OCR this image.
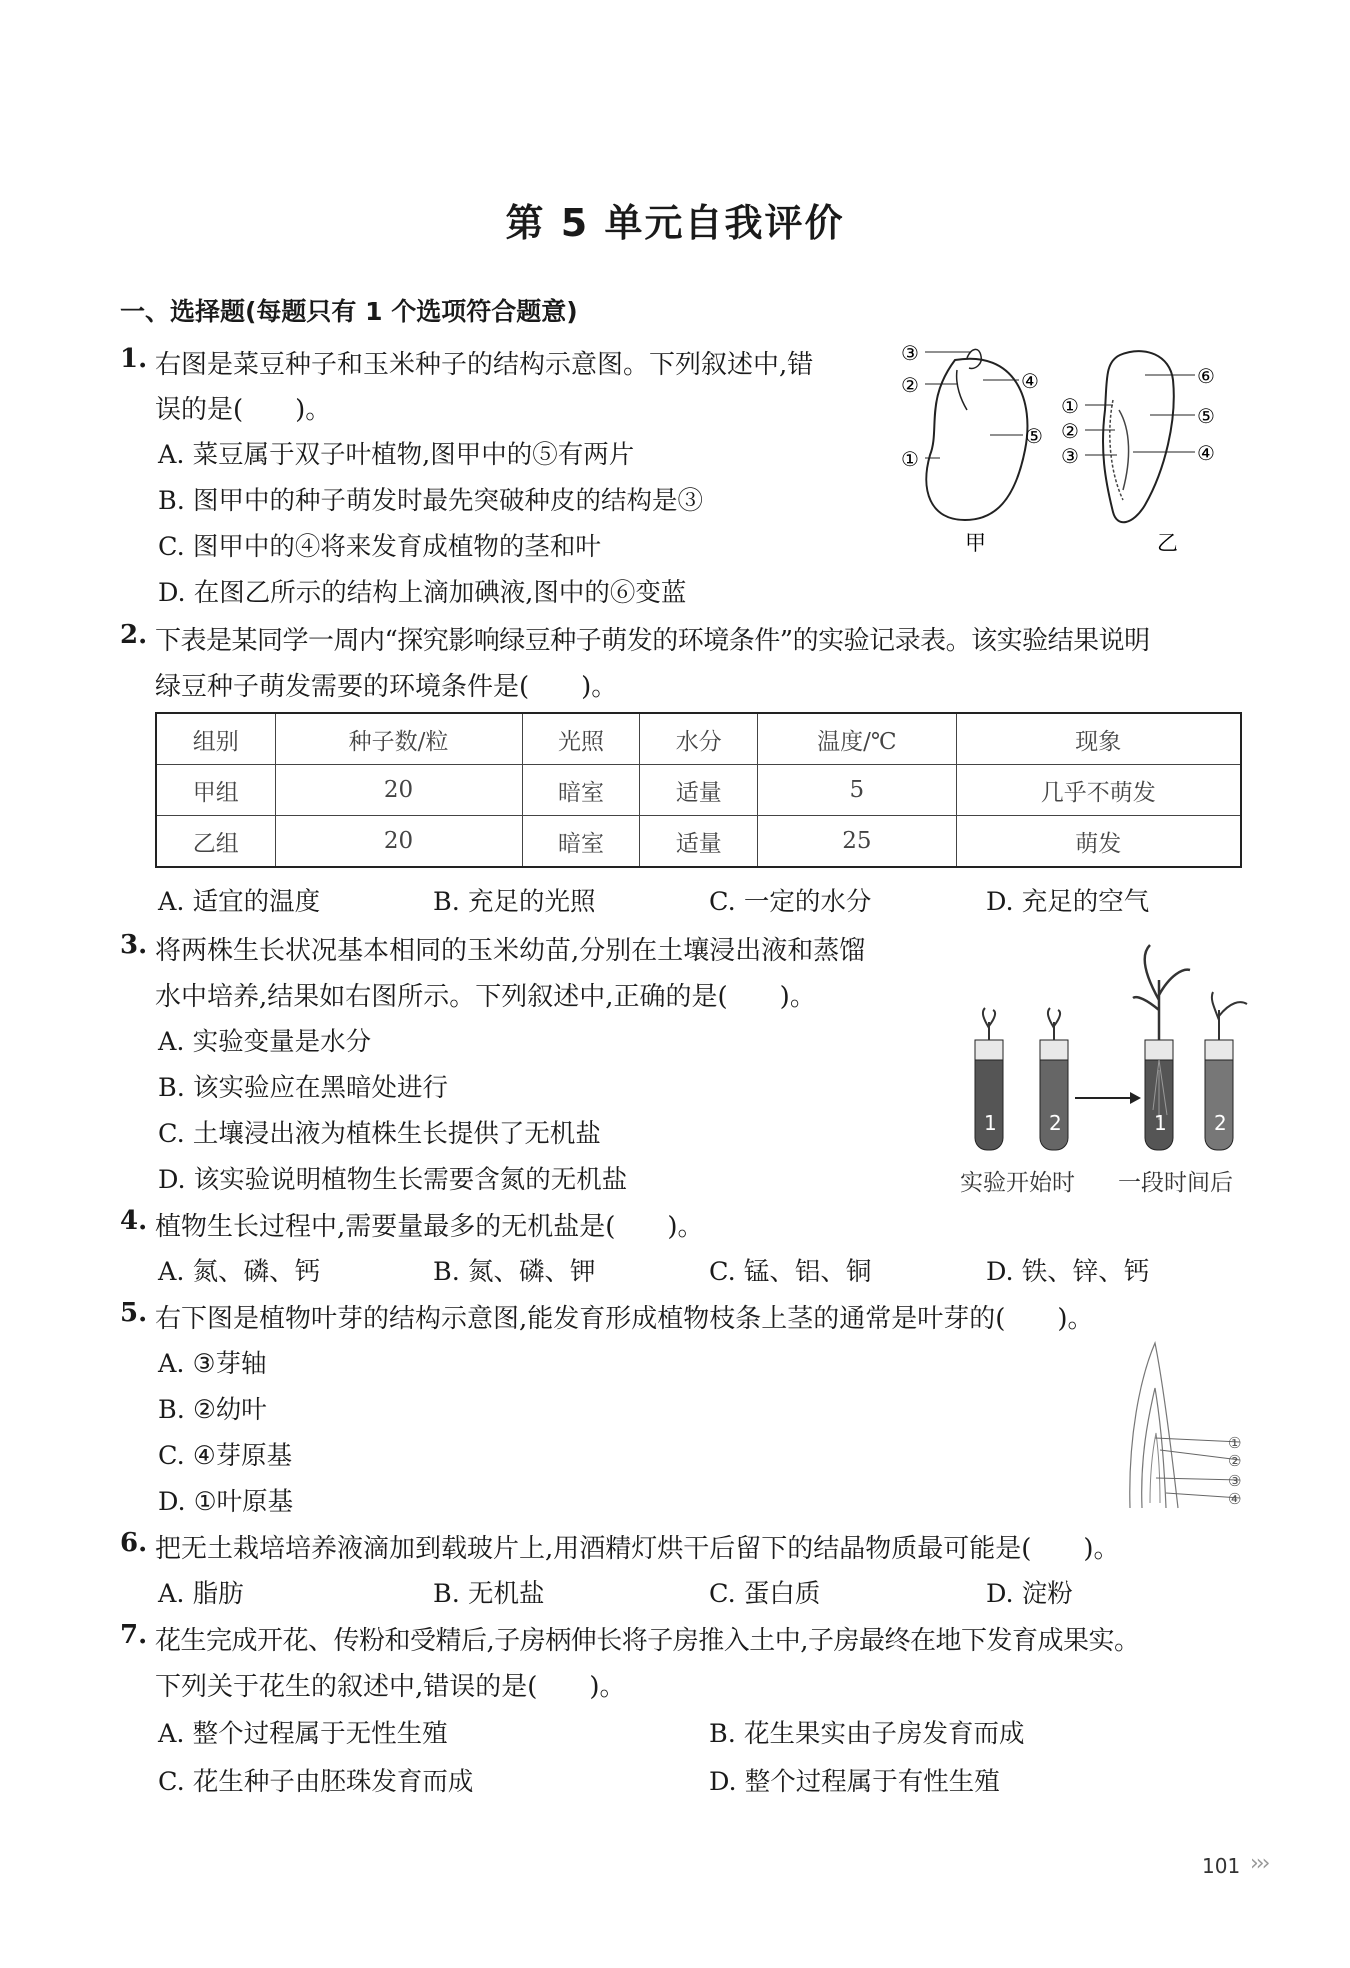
第 5 单元自我评价
一、选择题(每题只有 1 个选项符合题意)
1. 右图是菜豆种子和玉米种子的结构示意图。下列叙述中,错
误的是(　　)。
A. 菜豆属于双子叶植物,图甲中的⑤有两片
B. 图甲中的种子萌发时最先突破种皮的结构是③
C. 图甲中的④将来发育成植物的茎和叶
D. 在图乙所示的结构上滴加碘液,图中的⑥变蓝
③
②	④
⑤
①
甲
⑥
①	⑤
②
③	④
乙
2. 下表是某同学一周内“探究影响绿豆种子萌发的环境条件”的实验记录表。该实验结果说明
绿豆种子萌发需要的环境条件是(　　)。
组别	种子数/粒	光照	水分	温度/℃	现象
甲组	20	暗室	适量	5	几乎不萌发
乙组	20	暗室	适量	25	萌发
A. 适宜的温度	B. 充足的光照	C. 一定的水分	D. 充足的空气
3. 将两株生长状况基本相同的玉米幼苗,分别在土壤浸出液和蒸馏
水中培养,结果如右图所示。下列叙述中,正确的是(　　)。
A. 实验变量是水分
B. 该实验应在黑暗处进行
C. 土壤浸出液为植株生长提供了无机盐
D. 该实验说明植物生长需要含氮的无机盐
1	2	1 2
实验开始时 一段时间后
4. 植物生长过程中,需要量最多的无机盐是(　　)。
A. 氮、磷、钙	B. 氮、磷、钾	C. 锰、铝、铜	D. 铁、锌、钙
5. 右下图是植物叶芽的结构示意图,能发育形成植物枝条上茎的通常是叶芽的(　　)。
A. ③芽轴
B. ②幼叶
C. ④芽原基
D. ①叶原基
①
②
③
④
6. 把无土栽培培养液滴加到载玻片上,用酒精灯烘干后留下的结晶物质最可能是(　　)。
A. 脂肪	B. 无机盐	C. 蛋白质	D. 淀粉
7. 花生完成开花、传粉和受精后,子房柄伸长将子房推入土中,子房最终在地下发育成果实。
下列关于花生的叙述中,错误的是(　　)。
A. 整个过程属于无性生殖	B. 花生果实由子房发育而成
C. 花生种子由胚珠发育而成	D. 整个过程属于有性生殖
101 ›››
